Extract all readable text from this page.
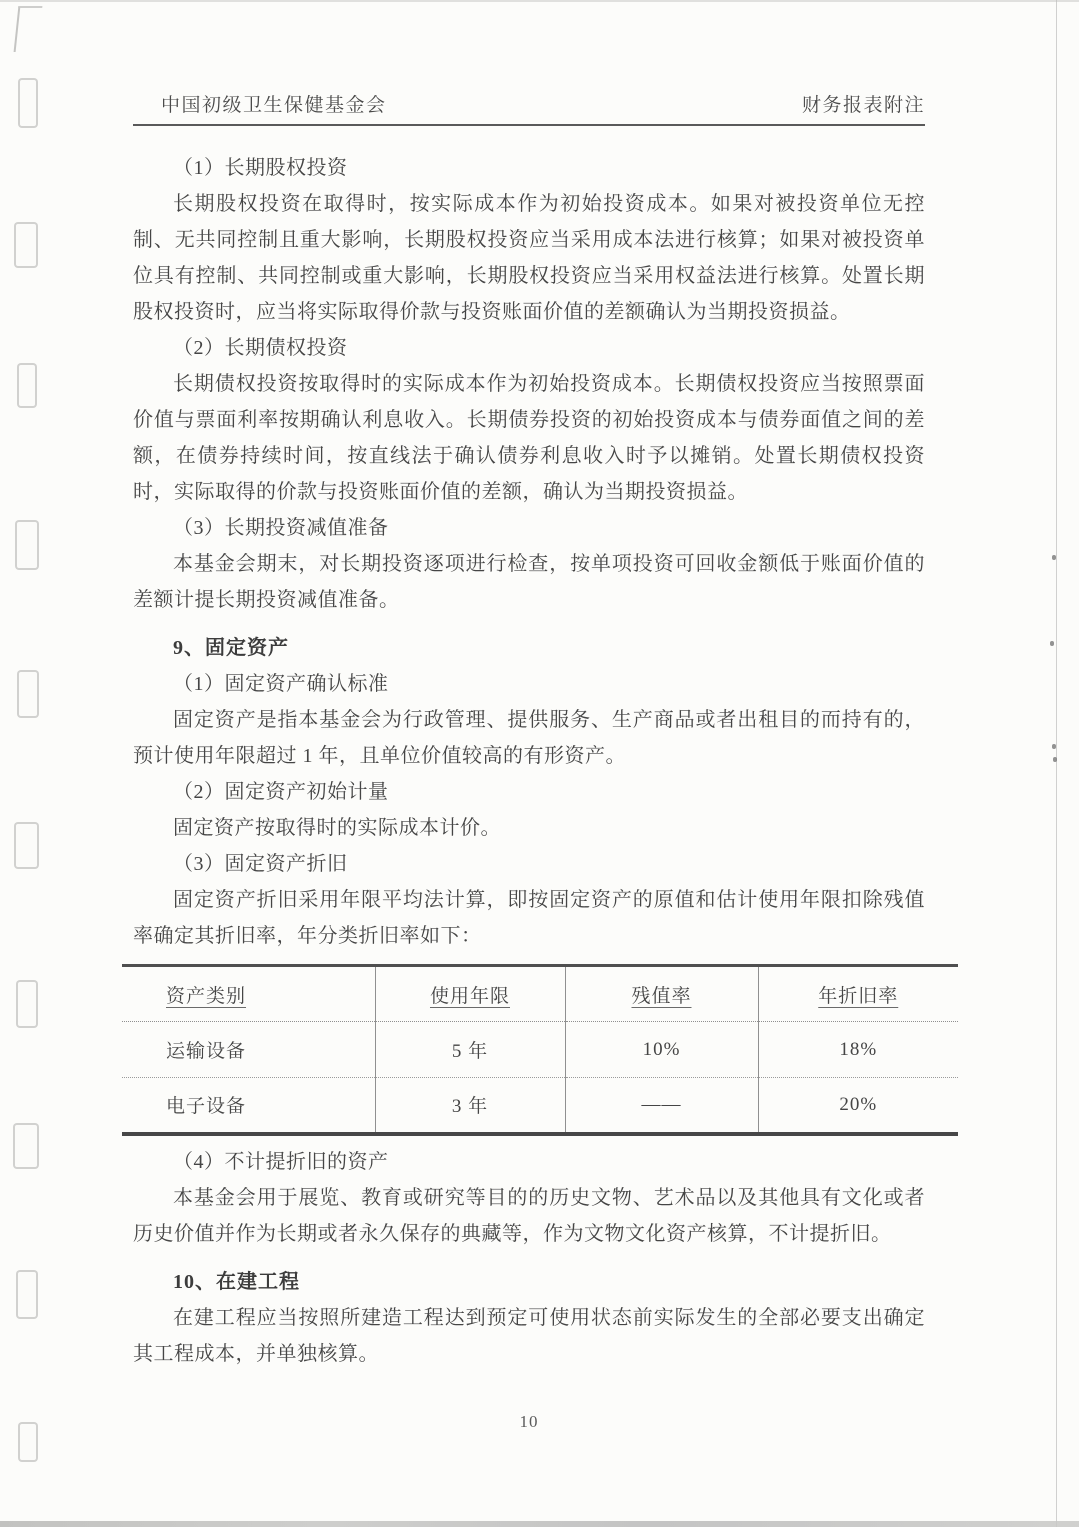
中国初级卫生保健基金会	财务报表附注
（1）长期股权投资
长期股权投资在取得时，按实际成本作为初始投资成本。如果对被投资单位无控制、无共同控制且重大影响，长期股权投资应当采用成本法进行核算；如果对被投资单位具有控制、共同控制或重大影响，长期股权投资应当采用权益法进行核算。处置长期股权投资时，应当将实际取得价款与投资账面价值的差额确认为当期投资损益。
（2）长期债权投资
长期债权投资按取得时的实际成本作为初始投资成本。长期债权投资应当按照票面价值与票面利率按期确认利息收入。长期债券投资的初始投资成本与债券面值之间的差额，在债券持续时间，按直线法于确认债券利息收入时予以摊销。处置长期债权投资时，实际取得的价款与投资账面价值的差额，确认为当期投资损益。
（3）长期投资减值准备
本基金会期末，对长期投资逐项进行检查，按单项投资可回收金额低于账面价值的差额计提长期投资减值准备。
9、固定资产
（1）固定资产确认标准
固定资产是指本基金会为行政管理、提供服务、生产商品或者出租目的而持有的，预计使用年限超过 1 年，且单位价值较高的有形资产。
（2）固定资产初始计量
固定资产按取得时的实际成本计价。
（3）固定资产折旧
固定资产折旧采用年限平均法计算，即按固定资产的原值和估计使用年限扣除残值率确定其折旧率，年分类折旧率如下：
资产类别	使用年限	残值率	年折旧率
运输设备	5 年	10%	18%
电子设备	3 年	——	20%
（4）不计提折旧的资产
本基金会用于展览、教育或研究等目的的历史文物、艺术品以及其他具有文化或者历史价值并作为长期或者永久保存的典藏等，作为文物文化资产核算，不计提折旧。
10、在建工程
在建工程应当按照所建造工程达到预定可使用状态前实际发生的全部必要支出确定其工程成本，并单独核算。
10
